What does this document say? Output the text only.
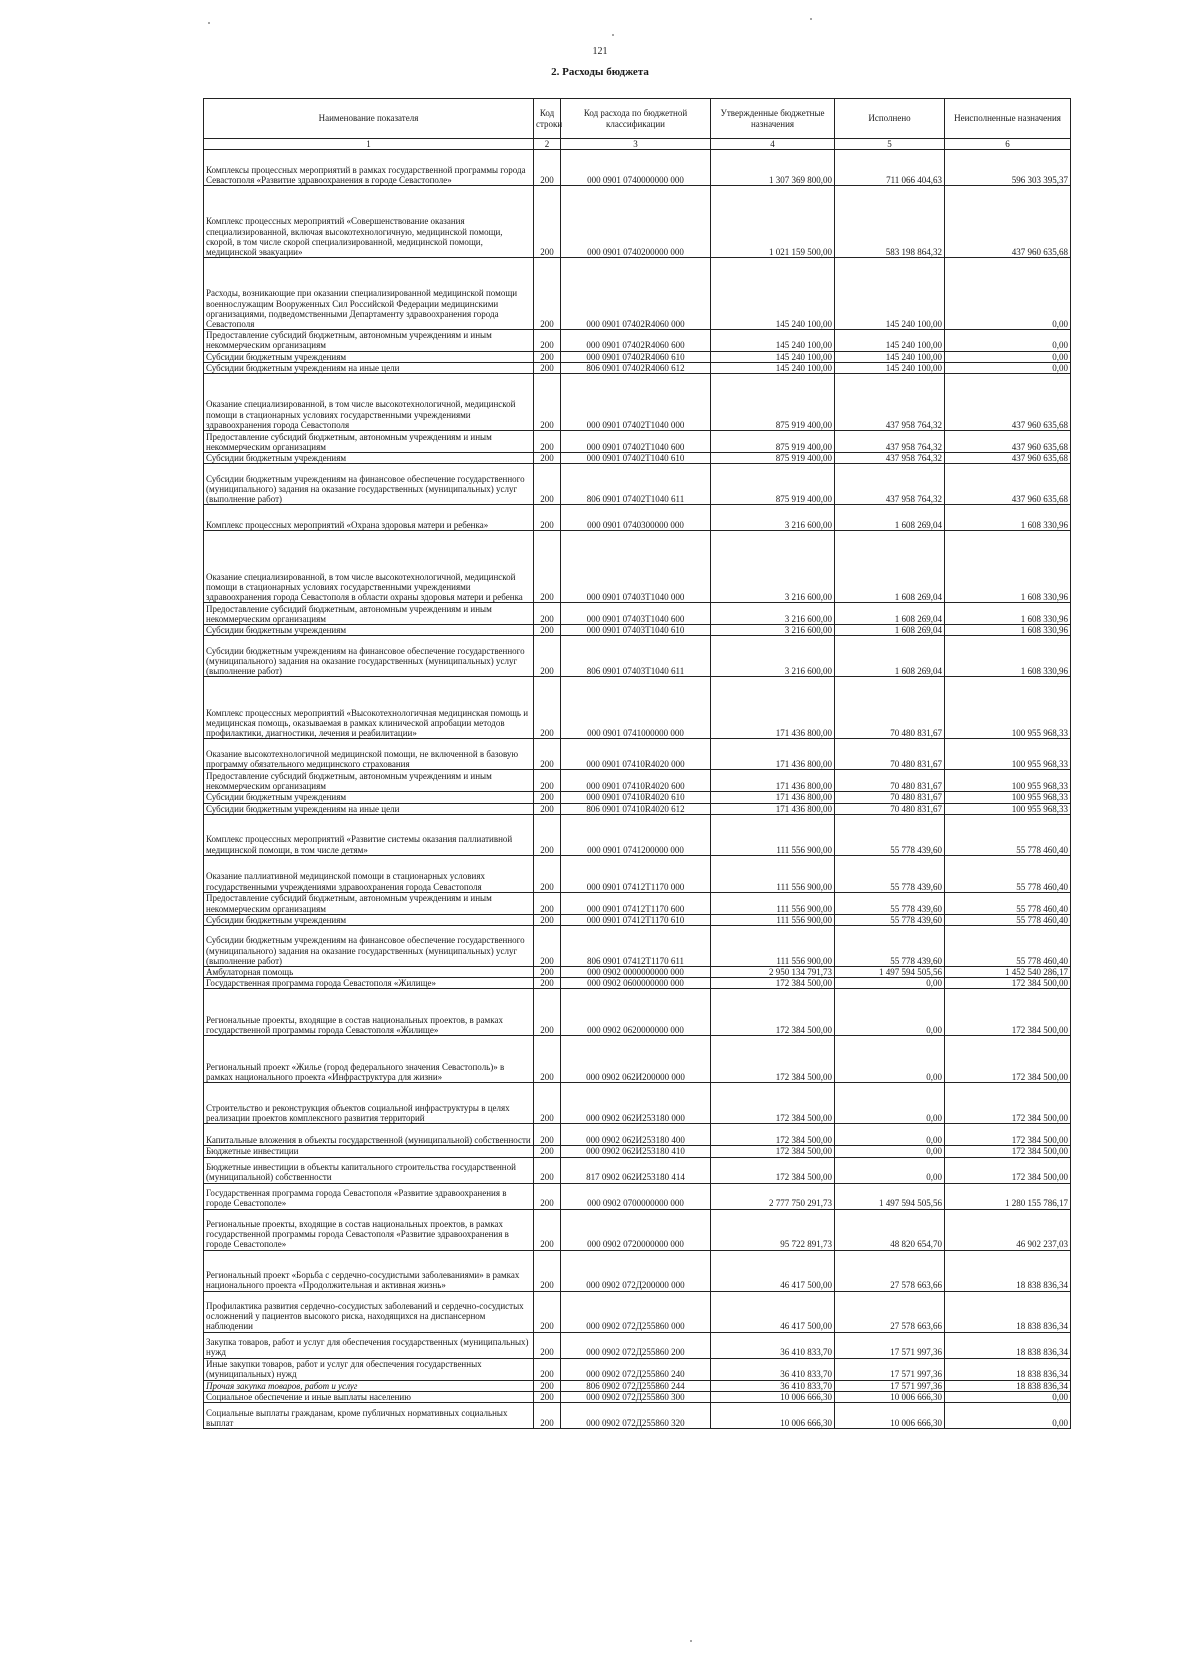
121
2. Расходы бюджета
Наименование показателя	Код строки	Код расхода по бюджетной классификации	Утвержденные бюджетные назначения	Исполнено	Неисполненные назначения
1	2	3	4	5	6
Комплексы процессных мероприятий в рамках государственной программы города Севастополя «Развитие здравоохранения в городе Севастополе»	200	000 0901 0740000000 000	1 307 369 800,00	711 066 404,63	596 303 395,37
Комплекс процессных мероприятий «Совершенствование оказания специализированной, включая высокотехнологичную, медицинской помощи, скорой, в том числе скорой специализированной, медицинской помощи, медицинской эвакуации»	200	000 0901 0740200000 000	1 021 159 500,00	583 198 864,32	437 960 635,68
Расходы, возникающие при оказании специализированной медицинской помощи военнослужащим Вооруженных Сил Российской Федерации медицинскими организациями, подведомственными Департаменту здравоохранения города Севастополя	200	000 0901 07402R4060 000	145 240 100,00	145 240 100,00	0,00
Предоставление субсидий бюджетным, автономным учреждениям и иным некоммерческим организациям	200	000 0901 07402R4060 600	145 240 100,00	145 240 100,00	0,00
Субсидии бюджетным учреждениям	200	000 0901 07402R4060 610	145 240 100,00	145 240 100,00	0,00
Субсидии бюджетным учреждениям на иные цели	200	806 0901 07402R4060 612	145 240 100,00	145 240 100,00	0,00
Оказание специализированной, в том числе высокотехнологичной, медицинской помощи в стационарных условиях государственными учреждениями здравоохранения города Севастополя	200	000 0901 07402T1040 000	875 919 400,00	437 958 764,32	437 960 635,68
Предоставление субсидий бюджетным, автономным учреждениям и иным некоммерческим организациям	200	000 0901 07402T1040 600	875 919 400,00	437 958 764,32	437 960 635,68
Субсидии бюджетным учреждениям	200	000 0901 07402T1040 610	875 919 400,00	437 958 764,32	437 960 635,68
Субсидии бюджетным учреждениям на финансовое обеспечение государственного (муниципального) задания на оказание государственных (муниципальных) услуг (выполнение работ)	200	806 0901 07402T1040 611	875 919 400,00	437 958 764,32	437 960 635,68
Комплекс процессных мероприятий «Охрана здоровья матери и ребенка»	200	000 0901 0740300000 000	3 216 600,00	1 608 269,04	1 608 330,96
Оказание специализированной, в том числе высокотехнологичной, медицинской помощи в стационарных условиях государственными учреждениями здравоохранения города Севастополя в области охраны здоровья матери и ребенка	200	000 0901 07403T1040 000	3 216 600,00	1 608 269,04	1 608 330,96
Предоставление субсидий бюджетным, автономным учреждениям и иным некоммерческим организациям	200	000 0901 07403T1040 600	3 216 600,00	1 608 269,04	1 608 330,96
Субсидии бюджетным учреждениям	200	000 0901 07403T1040 610	3 216 600,00	1 608 269,04	1 608 330,96
Субсидии бюджетным учреждениям на финансовое обеспечение государственного (муниципального) задания на оказание государственных (муниципальных) услуг (выполнение работ)	200	806 0901 07403T1040 611	3 216 600,00	1 608 269,04	1 608 330,96
Комплекс процессных мероприятий «Высокотехнологичная медицинская помощь и медицинская помощь, оказываемая в рамках клинической апробации методов профилактики, диагностики, лечения и реабилитации»	200	000 0901 0741000000 000	171 436 800,00	70 480 831,67	100 955 968,33
Оказание высокотехнологичной медицинской помощи, не включенной в базовую программу обязательного медицинского страхования	200	000 0901 07410R4020 000	171 436 800,00	70 480 831,67	100 955 968,33
Предоставление субсидий бюджетным, автономным учреждениям и иным некоммерческим организациям	200	000 0901 07410R4020 600	171 436 800,00	70 480 831,67	100 955 968,33
Субсидии бюджетным учреждениям	200	000 0901 07410R4020 610	171 436 800,00	70 480 831,67	100 955 968,33
Субсидии бюджетным учреждениям на иные цели	200	806 0901 07410R4020 612	171 436 800,00	70 480 831,67	100 955 968,33
Комплекс процессных мероприятий «Развитие системы оказания паллиативной медицинской помощи, в том числе детям»	200	000 0901 0741200000 000	111 556 900,00	55 778 439,60	55 778 460,40
Оказание паллиативной медицинской помощи в стационарных условиях государственными учреждениями здравоохранения города Севастополя	200	000 0901 07412T1170 000	111 556 900,00	55 778 439,60	55 778 460,40
Предоставление субсидий бюджетным, автономным учреждениям и иным некоммерческим организациям	200	000 0901 07412T1170 600	111 556 900,00	55 778 439,60	55 778 460,40
Субсидии бюджетным учреждениям	200	000 0901 07412T1170 610	111 556 900,00	55 778 439,60	55 778 460,40
Субсидии бюджетным учреждениям на финансовое обеспечение государственного (муниципального) задания на оказание государственных (муниципальных) услуг (выполнение работ)	200	806 0901 07412T1170 611	111 556 900,00	55 778 439,60	55 778 460,40
Амбулаторная помощь	200	000 0902 0000000000 000	2 950 134 791,73	1 497 594 505,56	1 452 540 286,17
Государственная программа города Севастополя «Жилище»	200	000 0902 0600000000 000	172 384 500,00	0,00	172 384 500,00
Региональные проекты, входящие в состав национальных проектов, в рамках государственной программы города Севастополя «Жилище»	200	000 0902 0620000000 000	172 384 500,00	0,00	172 384 500,00
Региональный проект «Жилье (город федерального значения Севастополь)» в рамках национального проекта «Инфраструктура для жизни»	200	000 0902 062И200000 000	172 384 500,00	0,00	172 384 500,00
Строительство и реконструкция объектов социальной инфраструктуры в целях реализации проектов комплексного развития территорий	200	000 0902 062И253180 000	172 384 500,00	0,00	172 384 500,00
Капитальные вложения в объекты государственной (муниципальной) собственности	200	000 0902 062И253180 400	172 384 500,00	0,00	172 384 500,00
Бюджетные инвестиции	200	000 0902 062И253180 410	172 384 500,00	0,00	172 384 500,00
Бюджетные инвестиции в объекты капитального строительства государственной (муниципальной) собственности	200	817 0902 062И253180 414	172 384 500,00	0,00	172 384 500,00
Государственная программа города Севастополя «Развитие здравоохранения в городе Севастополе»	200	000 0902 0700000000 000	2 777 750 291,73	1 497 594 505,56	1 280 155 786,17
Региональные проекты, входящие в состав национальных проектов, в рамках государственной программы города Севастополя «Развитие здравоохранения в городе Севастополе»	200	000 0902 0720000000 000	95 722 891,73	48 820 654,70	46 902 237,03
Региональный проект «Борьба с сердечно-сосудистыми заболеваниями» в рамках национального проекта «Продолжительная и активная жизнь»	200	000 0902 072Д200000 000	46 417 500,00	27 578 663,66	18 838 836,34
Профилактика развития сердечно-сосудистых заболеваний и сердечно-сосудистых осложнений у пациентов высокого риска, находящихся на диспансерном наблюдении	200	000 0902 072Д255860 000	46 417 500,00	27 578 663,66	18 838 836,34
Закупка товаров, работ и услуг для обеспечения государственных (муниципальных) нужд	200	000 0902 072Д255860 200	36 410 833,70	17 571 997,36	18 838 836,34
Иные закупки товаров, работ и услуг для обеспечения государственных (муниципальных) нужд	200	000 0902 072Д255860 240	36 410 833,70	17 571 997,36	18 838 836,34
Прочая закупка товаров, работ и услуг	200	806 0902 072Д255860 244	36 410 833,70	17 571 997,36	18 838 836,34
Социальное обеспечение и иные выплаты населению	200	000 0902 072Д255860 300	10 006 666,30	10 006 666,30	0,00
Социальные выплаты гражданам, кроме публичных нормативных социальных выплат	200	000 0902 072Д255860 320	10 006 666,30	10 006 666,30	0,00
